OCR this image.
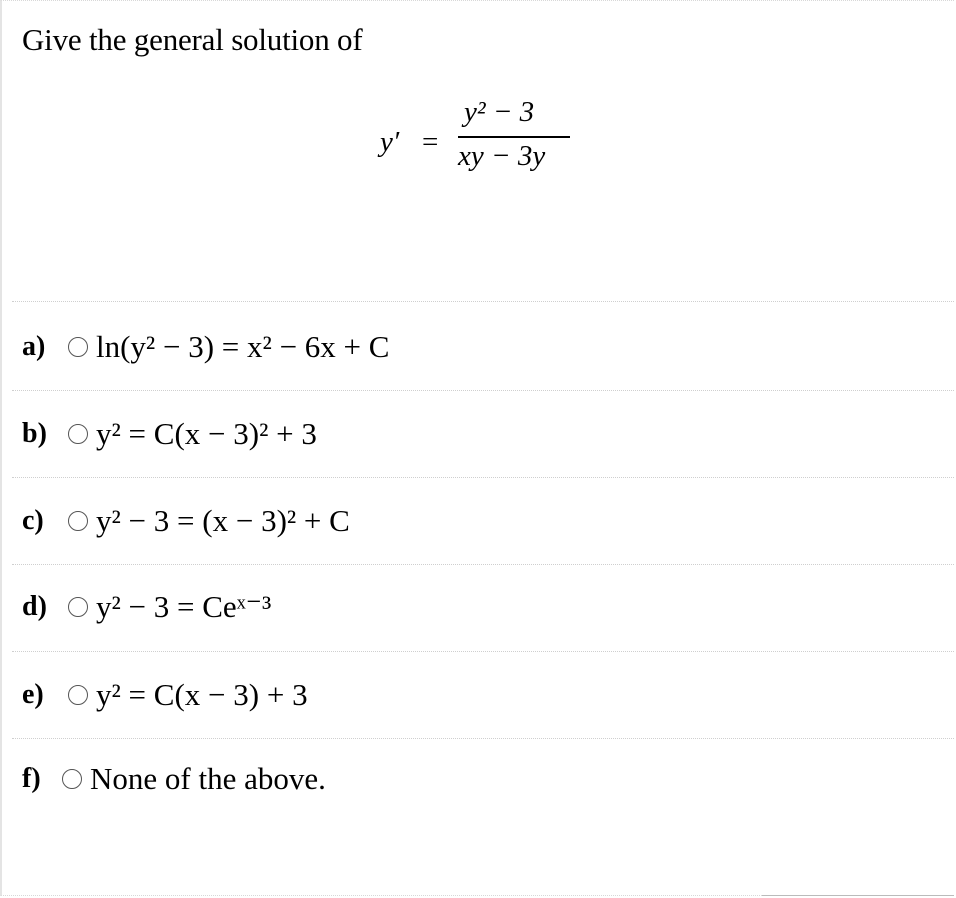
Give the general solution of
y′ =
y² − 3
xy − 3y
a)	ln(y² − 3) = x² − 6x + C
b)	y² = C(x − 3)² + 3
c)	y² − 3 = (x − 3)² + C
d)	y² − 3 = Ceˣ⁻³
e)	y² = C(x − 3) + 3
f)	None of the above.
